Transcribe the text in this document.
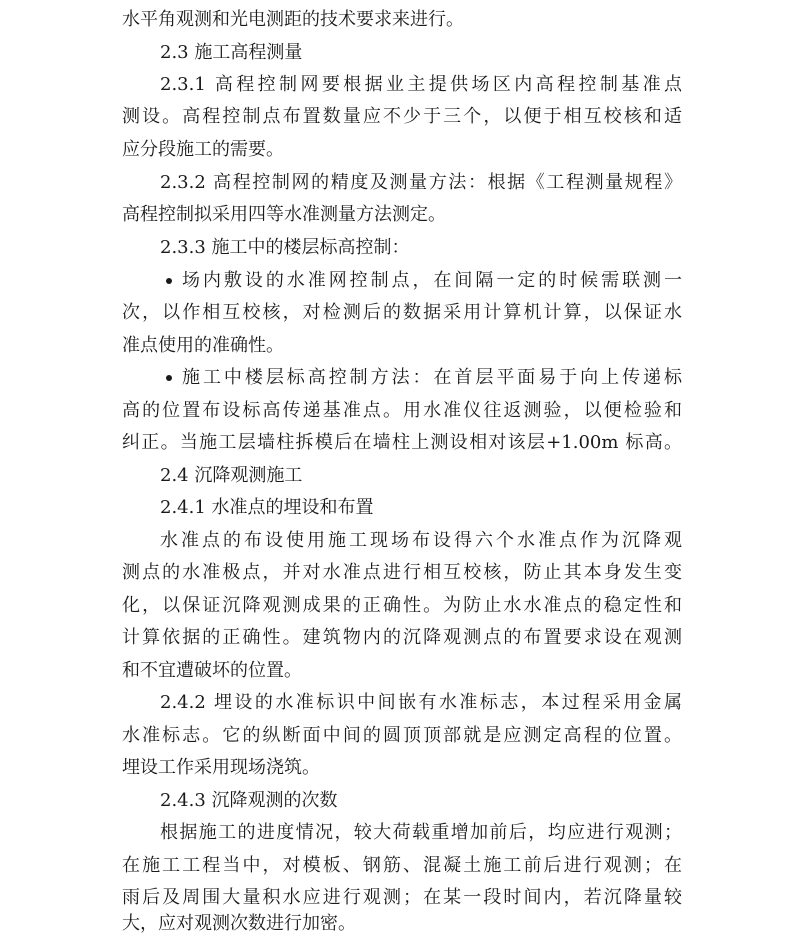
水平角观测和光电测距的技术要求来进行。
2.3 施工高程测量
2.3.1 高程控制网要根据业主提供场区内高程控制基准点
测设。高程控制点布置数量应不少于三个，以便于相互校核和适
应分段施工的需要。
2.3.2 高程控制网的精度及测量方法：根据《工程测量规程》
高程控制拟采用四等水准测量方法测定。
2.3.3 施工中的楼层标高控制：
场内敷设的水准网控制点，在间隔一定的时候需联测一
次，以作相互校核，对检测后的数据采用计算机计算，以保证水
准点使用的准确性。
施工中楼层标高控制方法：在首层平面易于向上传递标
高的位置布设标高传递基准点。用水准仪往返测验，以便检验和
纠正。当施工层墙柱拆模后在墙柱上测设相对该层+1.00m 标高。
2.4 沉降观测施工
2.4.1 水准点的埋设和布置
水准点的布设使用施工现场布设得六个水准点作为沉降观
测点的水准极点，并对水准点进行相互校核，防止其本身发生变
化，以保证沉降观测成果的正确性。为防止水水准点的稳定性和
计算依据的正确性。建筑物内的沉降观测点的布置要求设在观测
和不宜遭破坏的位置。
2.4.2 埋设的水准标识中间嵌有水准标志，本过程采用金属
水准标志。它的纵断面中间的圆顶顶部就是应测定高程的位置。
埋设工作采用现场浇筑。
2.4.3 沉降观测的次数
根据施工的进度情况，较大荷载重增加前后，均应进行观测；
在施工工程当中，对模板、钢筋、混凝土施工前后进行观测；在
雨后及周围大量积水应进行观测；在某一段时间内，若沉降量较
大，应对观测次数进行加密。
